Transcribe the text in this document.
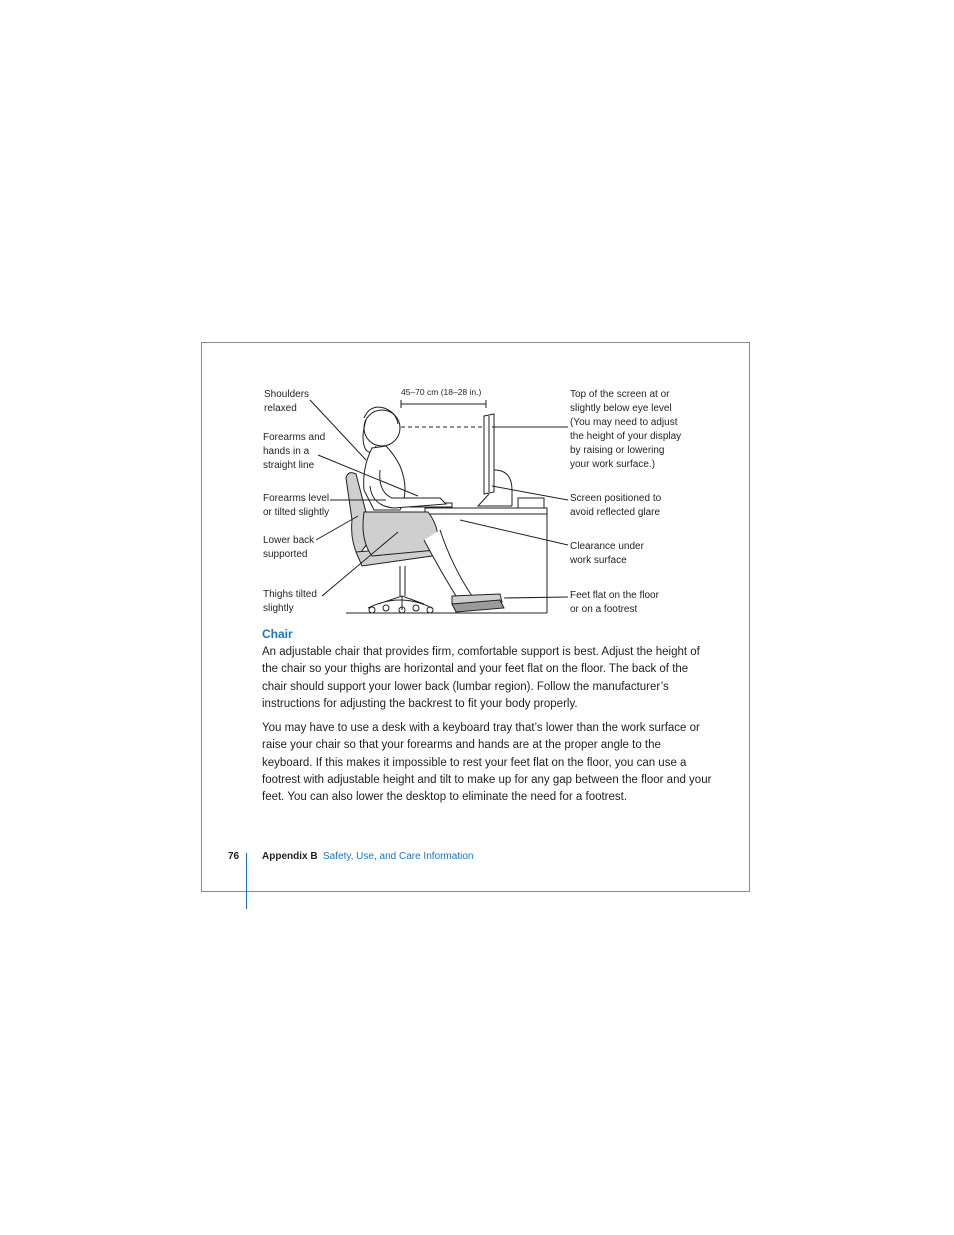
45–70 cm (18–28 in.)
Shoulders
relaxed
Forearms and
hands in a
straight line
Forearms level
or tilted slightly
Lower back
supported
Thighs tilted
slightly
Top of the screen at or
slightly below eye level
(You may need to adjust
the height of your display
by raising or lowering
your work surface.)
Screen positioned to
avoid reflected glare
Clearance under
work surface
Feet flat on the floor
or on a footrest
Chair
An adjustable chair that provides firm, comfortable support is best. Adjust the height of the chair so your thighs are horizontal and your feet flat on the floor. The back of the chair should support your lower back (lumbar region). Follow the manufacturer’s instructions for adjusting the backrest to fit your body properly.
You may have to use a desk with a keyboard tray that’s lower than the work surface or raise your chair so that your forearms and hands are at the proper angle to the keyboard. If this makes it impossible to rest your feet flat on the floor, you can use a footrest with adjustable height and tilt to make up for any gap between the floor and your feet. You can also lower the desktop to eliminate the need for a footrest.
76 Appendix B Safety, Use, and Care Information
